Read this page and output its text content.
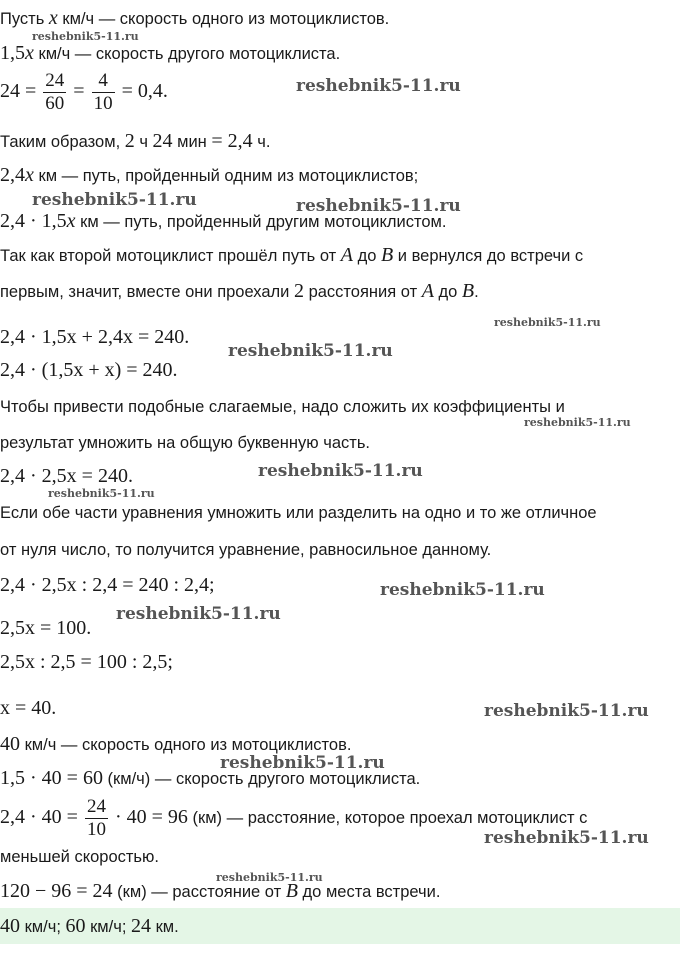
Пусть x км/ч — скорость одного из мотоциклистов.
1,5x км/ч — скорость другого мотоциклиста.
$24 = \frac{24}{60} = \frac{4}{10} = 0,4$.
Таким образом, 2 ч 24 мин = 2,4 ч.
2,4x км — путь, пройденный одним из мотоциклистов;
2,4 · 1,5x км — путь, пройденный другим мотоциклистом.
Так как второй мотоциклист прошёл путь от A до B и вернулся до встречи с
первым, значит, вместе они проехали 2 расстояния от A до B.
2,4 · 1,5x + 2,4x = 240.
2,4 · (1,5x + x) = 240.
Чтобы привести подобные слагаемые, надо сложить их коэффициенты и
результат умножить на общую буквенную часть.
2,4 · 2,5x = 240.
Если обе части уравнения умножить или разделить на одно и то же отличное
от нуля число, то получится уравнение, равносильное данному.
2,4 · 2,5x : 2,4 = 240 : 2,4;
2,5x = 100.
2,5x : 2,5 = 100 : 2,5;
x = 40.
40 км/ч — скорость одного из мотоциклистов.
1,5 · 40 = 60 (км/ч) — скорость другого мотоциклиста.
$2,4 \cdot 40 = \frac{24}{10} \cdot 40 = 96$ (км) — расстояние, которое проехал мотоциклист с
меньшей скоростью.
120 − 96 = 24 (км) — расстояние от B до места встречи.
40 км/ч; 60 км/ч; 24 км.
reshebnik5-11.ru
reshebnik5-11.ru
reshebnik5-11.ru	reshebnik5-11.ru
reshebnik5-11.ru
reshebnik5-11.ru
reshebnik5-11.ru
reshebnik5-11.ru
reshebnik5-11.ru
reshebnik5-11.ru
reshebnik5-11.ru
reshebnik5-11.ru
reshebnik5-11.ru
reshebnik5-11.ru
reshebnik5-11.ru
